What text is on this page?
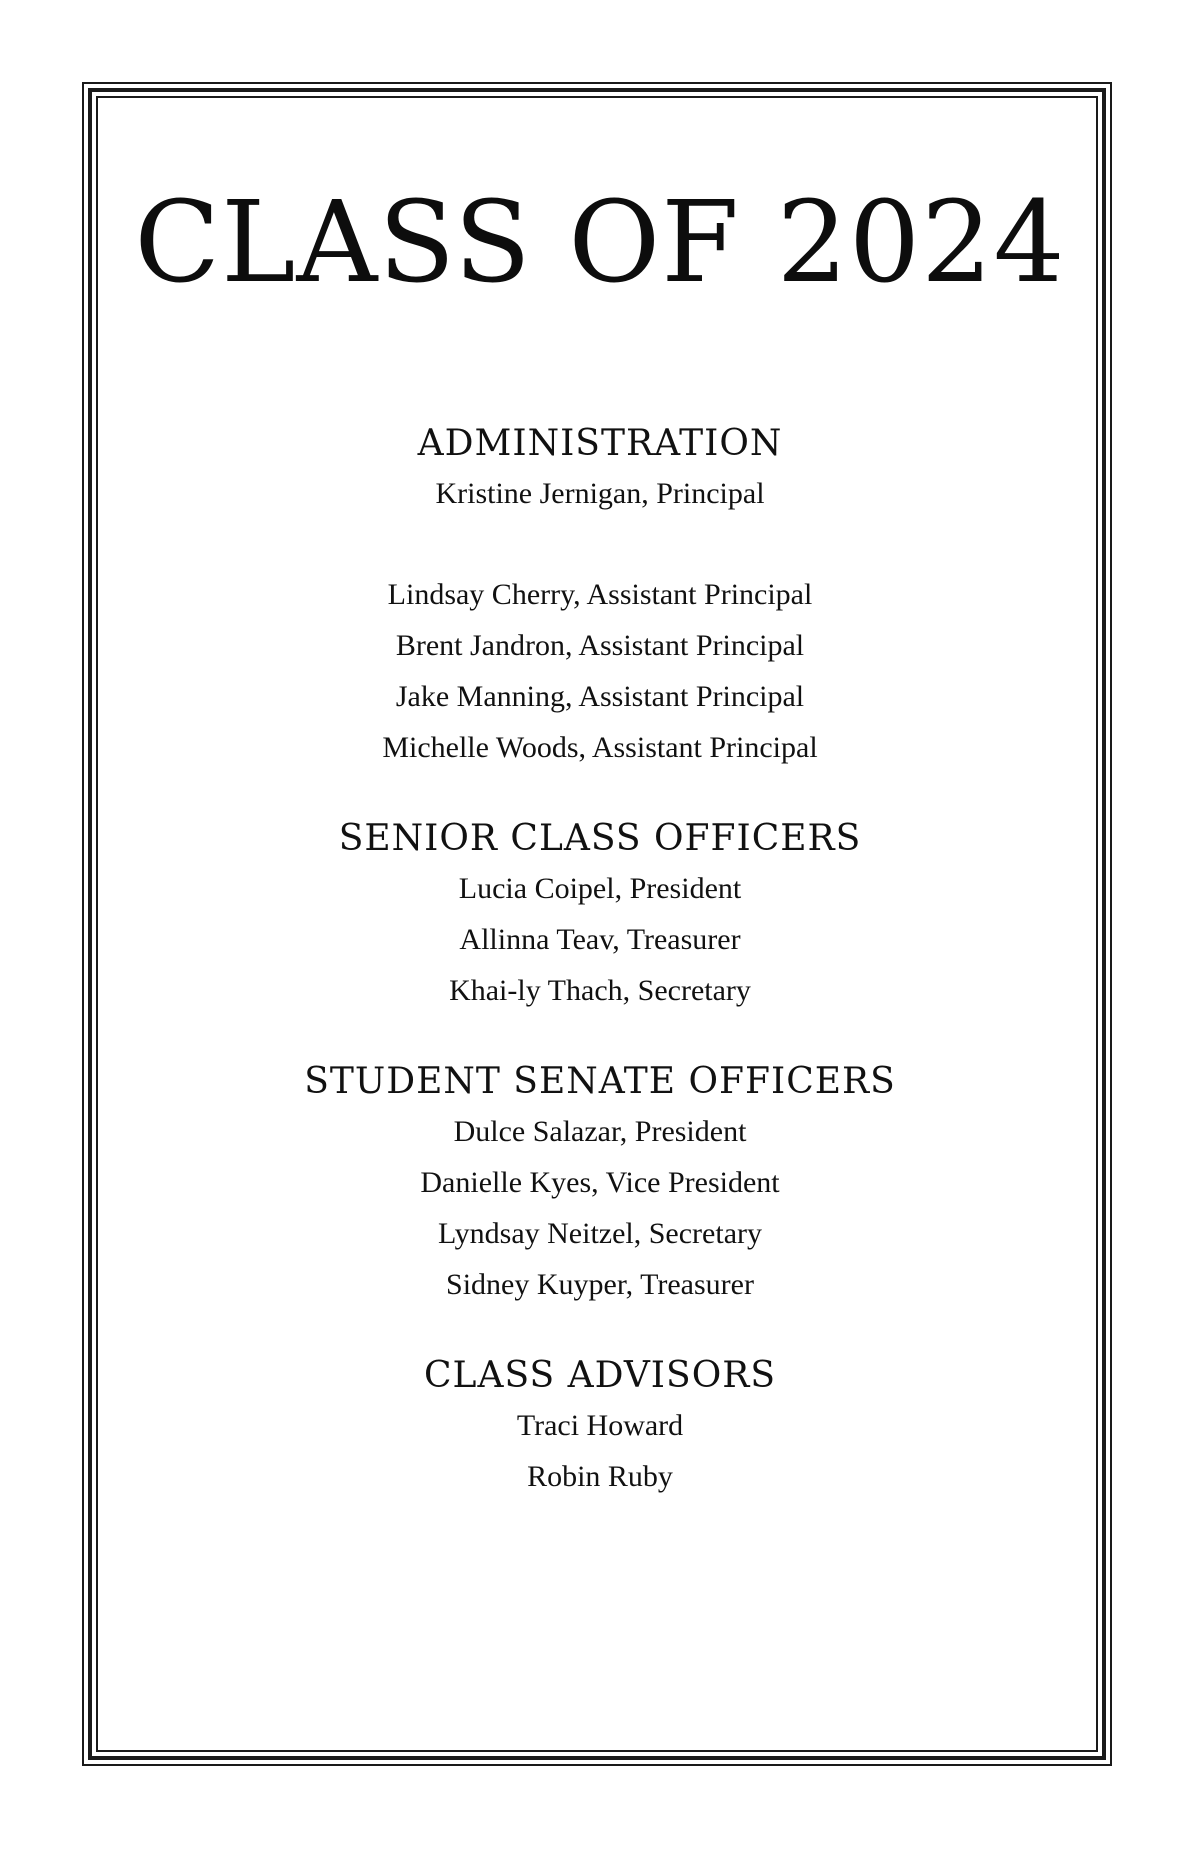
CLASS OF 2024
ADMINISTRATION
Kristine Jernigan, Principal
Lindsay Cherry, Assistant Principal
Brent Jandron, Assistant Principal
Jake Manning, Assistant Principal
Michelle Woods, Assistant Principal
SENIOR CLASS OFFICERS
Lucia Coipel, President
Allinna Teav, Treasurer
Khai-ly Thach, Secretary
STUDENT SENATE OFFICERS
Dulce Salazar, President
Danielle Kyes, Vice President
Lyndsay Neitzel, Secretary
Sidney Kuyper, Treasurer
CLASS ADVISORS
Traci Howard
Robin Ruby
